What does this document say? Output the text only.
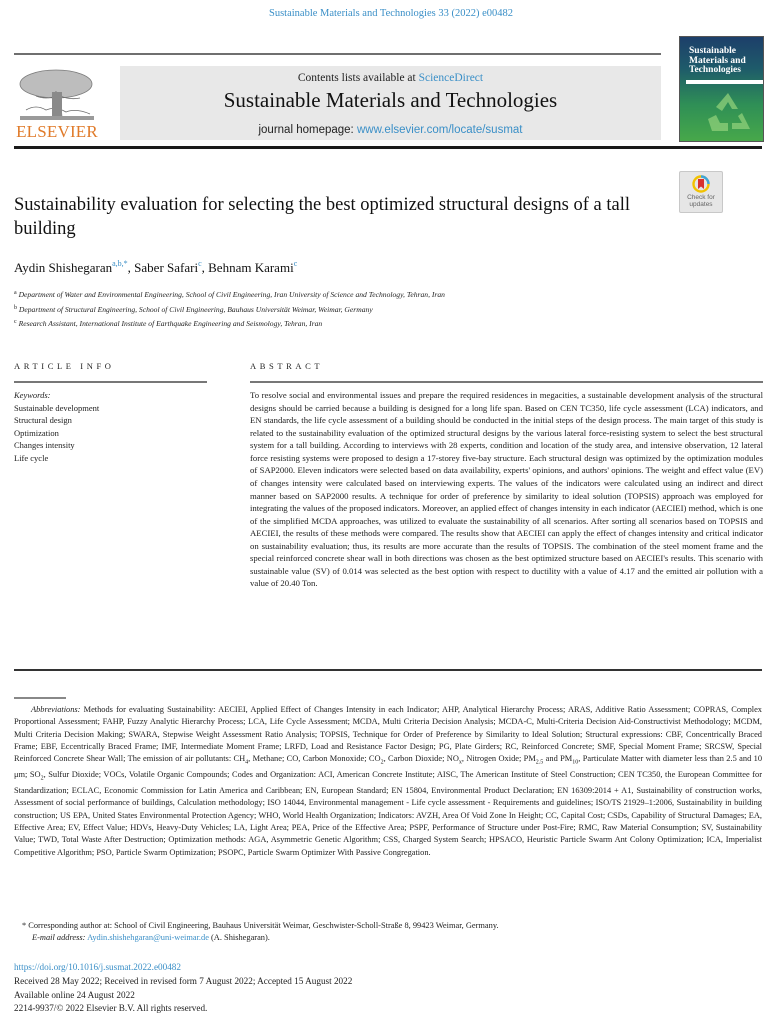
Sustainable Materials and Technologies 33 (2022) e00482
ELSEVIER
Contents lists available at ScienceDirect
Sustainable Materials and Technologies
journal homepage: www.elsevier.com/locate/susmat
Sustainable Materials and Technologies
Sustainability evaluation for selecting the best optimized structural designs of a tall building
Check for updates
Aydin Shishegaran$^{a,b,*}$, Saber Safari$^c$, Behnam Karami$^c$
$^a$ Department of Water and Environmental Engineering, School of Civil Engineering, Iran University of Science and Technology, Tehran, Iran
$^b$ Department of Structural Engineering, School of Civil Engineering, Bauhaus Universität Weimar, Weimar, Germany
$^c$ Research Assistant, International Institute of Earthquake Engineering and Seismology, Tehran, Iran
ARTICLE INFO	ABSTRACT
Keywords:
Sustainable development
Structural design
Optimization
Changes intensity
Life cycle
To resolve social and environmental issues and prepare the required residences in megacities, a sustainable development analysis of the structural designs should be carried because a building is designed for a long life span. Based on CEN TC350, life cycle assessment (LCA) indicators, and EN standards, the life cycle assessment of a building should be conducted in the initial steps of the design process. The main target of this study is related to the sustainability evaluation of the optimized structural designs by the various lateral force-resisting system to select the best structural system for a tall building. According to interviews with 28 experts, condition and location of the study area, and intensive observation, 12 lateral force resisting systems were proposed to design a 17-storey five-bay structure. Each structural design was optimized by the optimization modules of SAP2000. Eleven indicators were selected based on data availability, experts' opinions, and authors' opinions. The weight and effect value (EV) of changes intensity were calculated based on interviewing experts. The values of the indicators were calculated using an indirect and direct manner based on SAP2000 results. A technique for order of preference by similarity to ideal solution (TOPSIS) approach was employed for integrating the values of the proposed indicators. Moreover, an applied effect of changes intensity in each indicator (AECIEI) method, which is one of the simplified MCDA approaches, was utilized to evaluate the sustainability of all scenarios. After sorting all scenarios based on TOPSIS and AECIEI, the results of these methods were compared. The results show that AECIEI can apply the effect of changes intensity and critical indicator on sustainability evaluation; thus, its results are more accurate than the results of TOPSIS. The combination of the steel moment frame and the special reinforced concrete shear wall in both directions was chosen as the best optimized structure based on AECIEI's results. This scenario with sustainable value (SV) of 0.014 was selected as the best option with respect to ductility with a value of 4.17 and the emitted air pollution with a value of 20.40 Ton.
Abbreviations: Methods for evaluating Sustainability: AECIEI, Applied Effect of Changes Intensity in each Indicator; AHP, Analytical Hierarchy Process; ARAS, Additive Ratio Assessment; COPRAS, Complex Proportional Assessment; FAHP, Fuzzy Analytic Hierarchy Process; LCA, Life Cycle Assessment; MCDA, Multi Criteria Decision Analysis; MCDA-C, Multi-Criteria Decision Aid-Constructivist Methodology; MCDM, Multi Criteria Decision Making; SWARA, Stepwise Weight Assessment Ratio Analysis; TOPSIS, Technique for Order of Preference by Similarity to Ideal Solution; Structural expressions: CBF, Concentrically Braced Frame; EBF, Eccentrically Braced Frame; IMF, Intermediate Moment Frame; LRFD, Load and Resistance Factor Design; PG, Plate Girders; RC, Reinforced Concrete; SMF, Special Moment Frame; SRCSW, Special Reinforced Concrete Shear Wall; The emission of air pollutants: $CH_4$, Methane; CO, Carbon Monoxide; $CO_2$, Carbon Dioxide; $NO_x$, Nitrogen Oxide; $PM_{2.5}$ and $PM_{10}$, Particulate Matter with diameter less than 2.5 and 10 μm; $SO_2$, Sulfur Dioxide; VOCs, Volatile Organic Compounds; Codes and Organization: ACI, American Concrete Institute; AISC, The American Institute of Steel Construction; CEN TC350, the European Committee for Standardization; ECLAC, Economic Commission for Latin America and Caribbean; EN, European Standard; EN 15804, Environmental Product Declaration; EN 16309:2014 + A1, Sustainability of construction works, Assessment of social performance of buildings, Calculation methodology; ISO 14044, Environmental management - Life cycle assessment - Requirements and guidelines; ISO/TS 21929–1:2006, Sustainability in building construction; US EPA, United States Environmental Protection Agency; WHO, World Health Organization; Indicators: AVZH, Area Of Void Zone In Height; CC, Capital Cost; CSDs, Capability of Structural Damages; EA, Effective Area; EV, Effect Value; HDVs, Heavy-Duty Vehicles; LA, Light Area; PEA, Price of the Effective Area; PSPF, Performance of Structure under Post-Fire; RMC, Raw Material Consumption; SV, Sustainability Value; TWD, Total Waste After Destruction; Optimization methods: AGA, Asymmetric Genetic Algorithm; CSS, Charged System Search; HPSACO, Heuristic Particle Swarm Ant Colony Optimization; ICA, Imperialist Competitive Algorithm; PSO, Particle Swarm Optimization; PSOPC, Particle Swarm Optimizer With Passive Congregation.
* Corresponding author at: School of Civil Engineering, Bauhaus Universität Weimar, Geschwister-Scholl-Straße 8, 99423 Weimar, Germany.
E-mail address: Aydin.shishehgaran@uni-weimar.de (A. Shishegaran).
https://doi.org/10.1016/j.susmat.2022.e00482
Received 28 May 2022; Received in revised form 7 August 2022; Accepted 15 August 2022
Available online 24 August 2022
2214-9937/© 2022 Elsevier B.V. All rights reserved.
